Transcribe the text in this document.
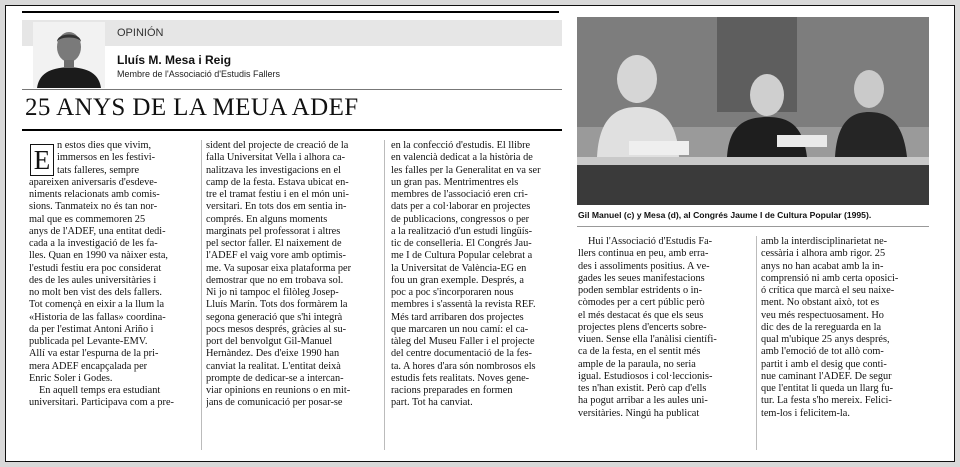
OPINIÓN
Lluís M. Mesa i Reig
Membre de l'Associació d'Estudis Fallers
25 ANYS DE LA MEUA ADEF
E n estos dies que vivim,
immersos en les festivi-
tats falleres, sempre
apareixen aniversaris d'esdeve-
niments relacionats amb comis-
sions. Tanmateix no és tan nor-
mal que es commemoren 25
anys de l'ADEF, una entitat dedi-
cada a la investigació de les fa-
lles. Quan en 1990 va nàixer esta,
l'estudi festiu era poc considerat
des de les aules universitàries i
no molt ben vist des dels fallers.
Tot començà en eixir a la llum la
«Historia de las fallas» coordina-
da per l'estimat Antoni Ariño i
publicada pel Levante-EMV.
Allí va estar l'espurna de la pri-
mera ADEF encapçalada per
Enric Soler i Godes.
En aquell temps era estudiant
universitari. Participava com a pre-
sident del projecte de creació de la
falla Universitat Vella i alhora ca-
nalitzava les investigacions en el
camp de la festa. Estava ubicat en-
tre el tramat festiu i en el món uni-
versitari. En tots dos em sentia in-
comprés. En alguns moments
marginats pel professorat i altres
pel sector faller. El naixement de
l'ADEF el vaig vore amb optimis-
me. Va suposar eixa plataforma per
demostrar que no em trobava sol.
Ni jo ni tampoc el filòleg Josep-
Lluís Marín. Tots dos formàrem la
segona generació que s'hi integrà
pocs mesos després, gràcies al su-
port del benvolgut Gil-Manuel
Hernàndez. Des d'eixe 1990 han
canviat la realitat. L'entitat deixà
prompte de dedicar-se a intercan-
viar opinions en reunions o en mit-
jans de comunicació per posar-se
en la confecció d'estudis. El llibre
en valencià dedicat a la història de
les falles per la Generalitat en va ser
un gran pas. Mentrimentres els
membres de l'associació eren cri-
dats per a col·laborar en projectes
de publicacions, congressos o per
a la realització d'un estudi lingüís-
tic de conselleria. El Congrés Jau-
me I de Cultura Popular celebrat a
la Universitat de València-EG en
fou un gran exemple. Després, a
poc a poc s'incorporaren nous
membres i s'assentà la revista REF.
Més tard arribaren dos projectes
que marcaren un nou camí: el ca-
tàleg del Museu Faller i el projecte
del centre documentació de la fes-
ta. A hores d'ara són nombrosos els
estudis fets realitats. Noves gene-
racions preparades en formen
part. Tot ha canviat.
Gil Manuel (c) y Mesa (d), al Congrés Jaume I de Cultura Popular (1995).
Hui l'Associació d'Estudis Fa-
llers continua en peu, amb erra-
des i assoliments positius. A ve-
gades les seues manifestacions
poden semblar estridents o in-
còmodes per a cert públic però
el més destacat és que els seus
projectes plens d'encerts sobre-
viuen. Sense ella l'anàlisi científi-
ca de la festa, en el sentit més
ample de la paraula, no seria
igual. Estudiosos i col·leccionis-
tes n'han existit. Però cap d'ells
ha pogut arribar a les aules uni-
versitàries. Ningú ha publicat
amb la interdisciplinarietat ne-
cessària i alhora amb rigor. 25
anys no han acabat amb la in-
comprensió ni amb certa oposici-
ó crítica que marcà el seu naixe-
ment. No obstant això, tot es
veu més respectuosament. Ho
dic des de la rereguarda en la
qual m'ubique 25 anys després,
amb l'emoció de tot allò com-
partit i amb el desig que conti-
nue caminant l'ADEF. De segur
que l'entitat li queda un llarg fu-
tur. La festa s'ho mereix. Felici-
tem-los i felicitem-la.
